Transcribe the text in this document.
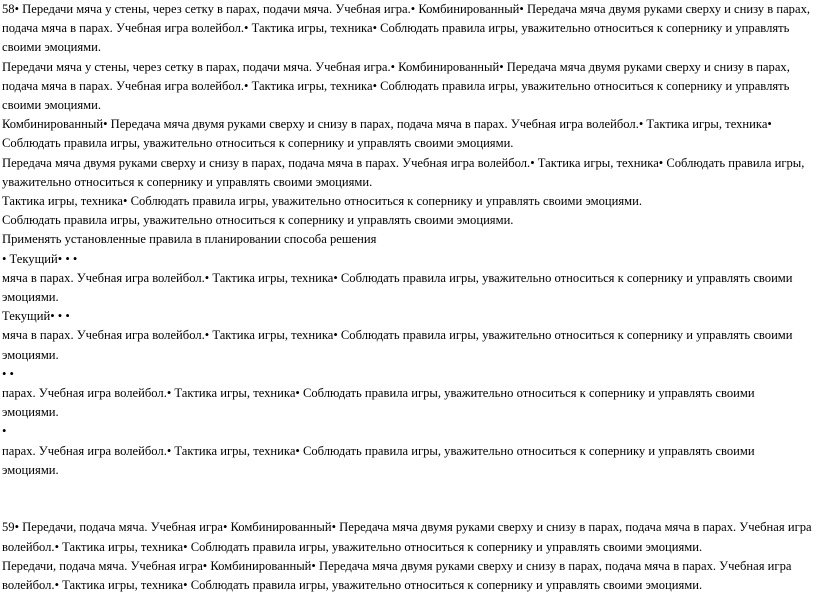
58• Передачи мяча у стены, через сетку в парах, подачи мяча. Учебная игра.• Комбинированный• Передача мяча двумя руками сверху и снизу в парах, подача мяча в парах. Учебная игра волейбол.• Тактика игры, техника• Соблюдать правила игры, уважительно относиться к сопернику и управлять своими эмоциями.

Передачи мяча у стены, через сетку в парах, подачи мяча. Учебная игра.• Комбинированный• Передача мяча двумя руками сверху и снизу в парах, подача мяча в парах. Учебная игра волейбол.• Тактика игры, техника• Соблюдать правила игры, уважительно относиться к сопернику и управлять своими эмоциями.

Комбинированный• Передача мяча двумя руками сверху и снизу в парах, подача мяча в парах. Учебная игра волейбол.• Тактика игры, техника• Соблюдать правила игры, уважительно относиться к сопернику и управлять своими эмоциями.

Передача мяча двумя руками сверху и снизу в парах, подача мяча в парах. Учебная игра волейбол.• Тактика игры, техника• Соблюдать правила игры, уважительно относиться к сопернику и управлять своими эмоциями.

Тактика игры, техника• Соблюдать правила игры, уважительно относиться к сопернику и управлять своими эмоциями.

Соблюдать правила игры, уважительно относиться к сопернику и управлять своими эмоциями.

Применять установленные правила в планировании способа решения

• Текущий• • •

мяча в парах. Учебная игра волейбол.• Тактика игры, техника• Соблюдать правила игры, уважительно относиться к сопернику и управлять своими эмоциями.

Текущий• • •

мяча в парах. Учебная игра волейбол.• Тактика игры, техника• Соблюдать правила игры, уважительно относиться к сопернику и управлять своими эмоциями.

• •

парах. Учебная игра волейбол.• Тактика игры, техника• Соблюдать правила игры, уважительно относиться к сопернику и управлять своими эмоциями.

•

парах. Учебная игра волейбол.• Тактика игры, техника• Соблюдать правила игры, уважительно относиться к сопернику и управлять своими эмоциями.

59• Передачи, подача мяча. Учебная игра• Комбинированный• Передача мяча двумя руками сверху и снизу в парах, подача мяча в парах. Учебная игра волейбол.• Тактика игры, техника• Соблюдать правила игры, уважительно относиться к сопернику и управлять своими эмоциями.

Передачи, подача мяча. Учебная игра• Комбинированный• Передача мяча двумя руками сверху и снизу в парах, подача мяча в парах. Учебная игра волейбол.• Тактика игры, техника• Соблюдать правила игры, уважительно относиться к сопернику и управлять своими эмоциями.
